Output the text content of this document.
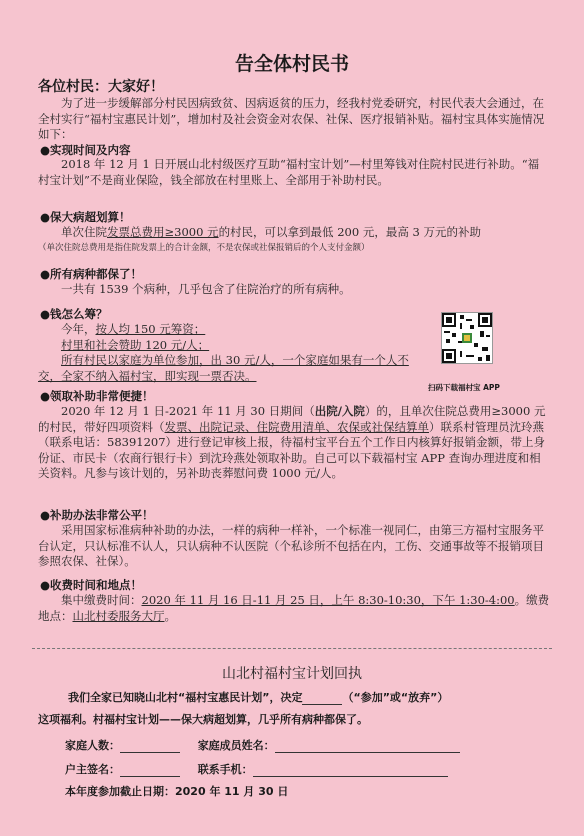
告全体村民书
各位村民：大家好！
为了进一步缓解部分村民因病致贫、因病返贫的压力，经我村党委研究，村民代表大会通过，在全村实行“福村宝惠民计划”，增加村及社会资金对农保、社保、医疗报销补贴。福村宝具体实施情况如下：
●实现时间及内容
2018 年 12 月 1 日开展山北村级医疗互助“福村宝计划”—村里筹钱对住院村民进行补助。“福村宝计划”不是商业保险，钱全部放在村里账上、全部用于补助村民。
●保大病超划算！
单次住院发票总费用≥3000 元的村民，可以拿到最低 200 元，最高 3 万元的补助
（单次住院总费用是指住院发票上的合计金额，不是农保或社保报销后的个人支付金额）
●所有病种都保了！
一共有 1539 个病种，几乎包含了住院治疗的所有病种。
●钱怎么筹？
今年，按人均 150 元筹资；
村里和社会赞助 120 元/人；
所有村民以家庭为单位参加，出 30 元/人，一个家庭如果有一个人不交，全家不纳入福村宝，即实现一票否决。
扫码下载福村宝 APP
●领取补助非常便捷！
2020 年 12 月 1 日-2021 年 11 月 30 日期间（出院/入院）的，且单次住院总费用≥3000 元的村民，带好四项资料（发票、出院记录、住院费用清单、农保或社保结算单）联系村管理员沈玲燕（联系电话：58391207）进行登记审核上报，待福村宝平台五个工作日内核算好报销金额，带上身份证、市民卡（农商行银行卡）到沈玲燕处领取补助。自己可以下载福村宝 APP 查询办理进度和相关资料。凡参与该计划的，另补助丧葬慰问费 1000 元/人。
●补助办法非常公平！
采用国家标准病种补助的办法，一样的病种一样补，一个标准一视同仁，由第三方福村宝服务平台认定，只认标准不认人，只认病种不认医院（个私诊所不包括在内，工伤、交通事故等不报销项目参照农保、社保）。
●收费时间和地点！
集中缴费时间：2020 年 11 月 16 日-11 月 25 日，上午 8:30-10:30，下午 1:30-4:00。缴费地点：山北村委服务大厅。
山北村福村宝计划回执
我们全家已知晓山北村“福村宝惠民计划”，决定	（“参加”或“放弃”）
这项福利。村福村宝计划——保大病超划算，几乎所有病种都保了。
家庭人数：	家庭成员姓名：
户主签名：	联系手机：
本年度参加截止日期：2020 年 11 月 30 日
